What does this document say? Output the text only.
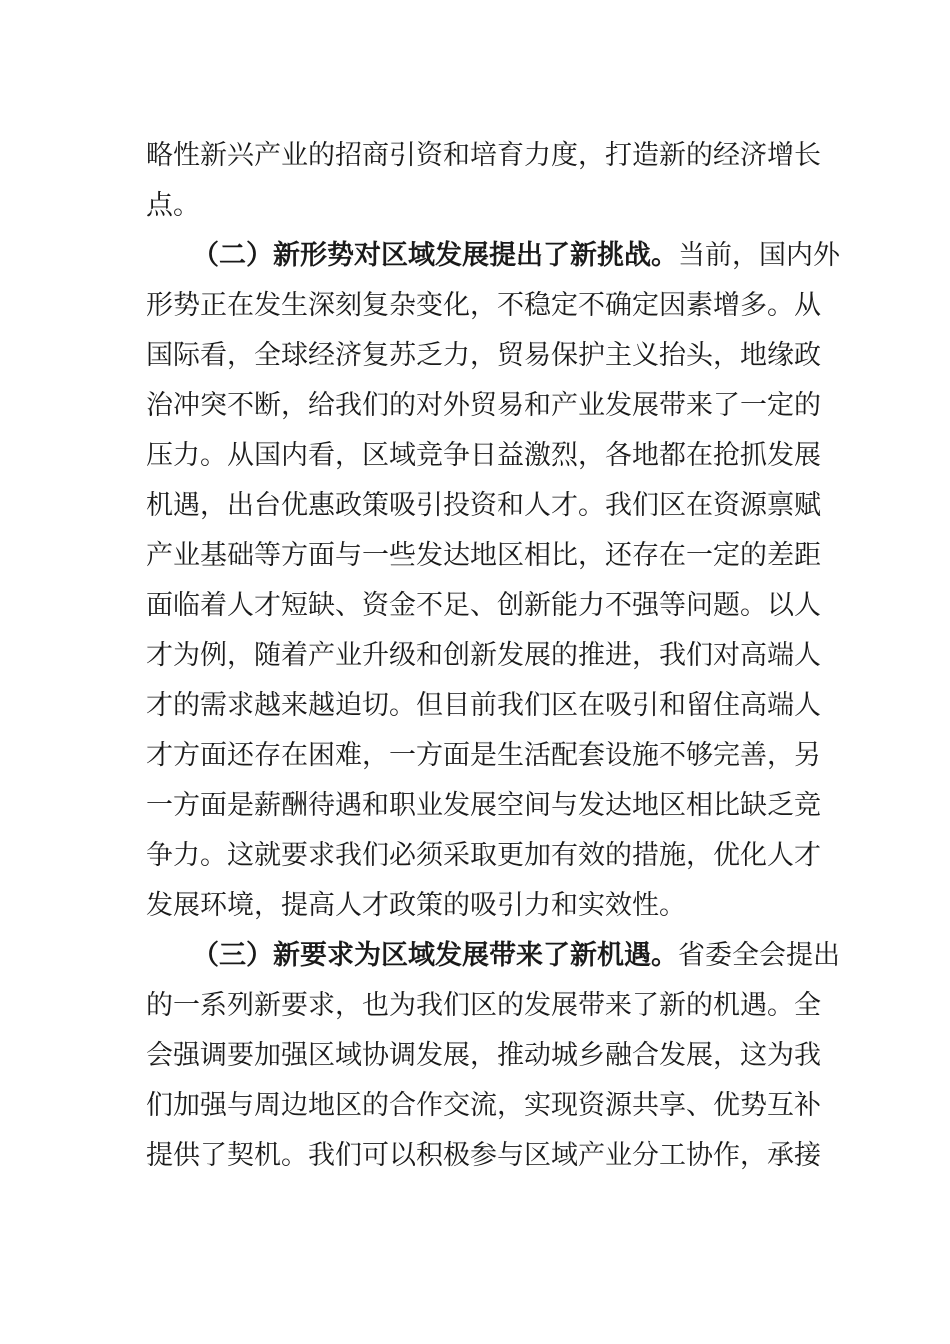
略性新兴产业的招商引资和培育力度，打造新的经济增长
点。
（二）新形势对区域发展提出了新挑战。当前，国内外
形势正在发生深刻复杂变化，不稳定不确定因素增多。从
国际看，全球经济复苏乏力，贸易保护主义抬头，地缘政
治冲突不断，给我们的对外贸易和产业发展带来了一定的
压力。从国内看，区域竞争日益激烈，各地都在抢抓发展
机遇，出台优惠政策吸引投资和人才。我们区在资源禀赋
产业基础等方面与一些发达地区相比，还存在一定的差距
面临着人才短缺、资金不足、创新能力不强等问题。以人
才为例，随着产业升级和创新发展的推进，我们对高端人
才的需求越来越迫切。但目前我们区在吸引和留住高端人
才方面还存在困难，一方面是生活配套设施不够完善，另
一方面是薪酬待遇和职业发展空间与发达地区相比缺乏竞
争力。这就要求我们必须采取更加有效的措施，优化人才
发展环境，提高人才政策的吸引力和实效性。
（三）新要求为区域发展带来了新机遇。省委全会提出
的一系列新要求，也为我们区的发展带来了新的机遇。全
会强调要加强区域协调发展，推动城乡融合发展，这为我
们加强与周边地区的合作交流，实现资源共享、优势互补
提供了契机。我们可以积极参与区域产业分工协作，承接
